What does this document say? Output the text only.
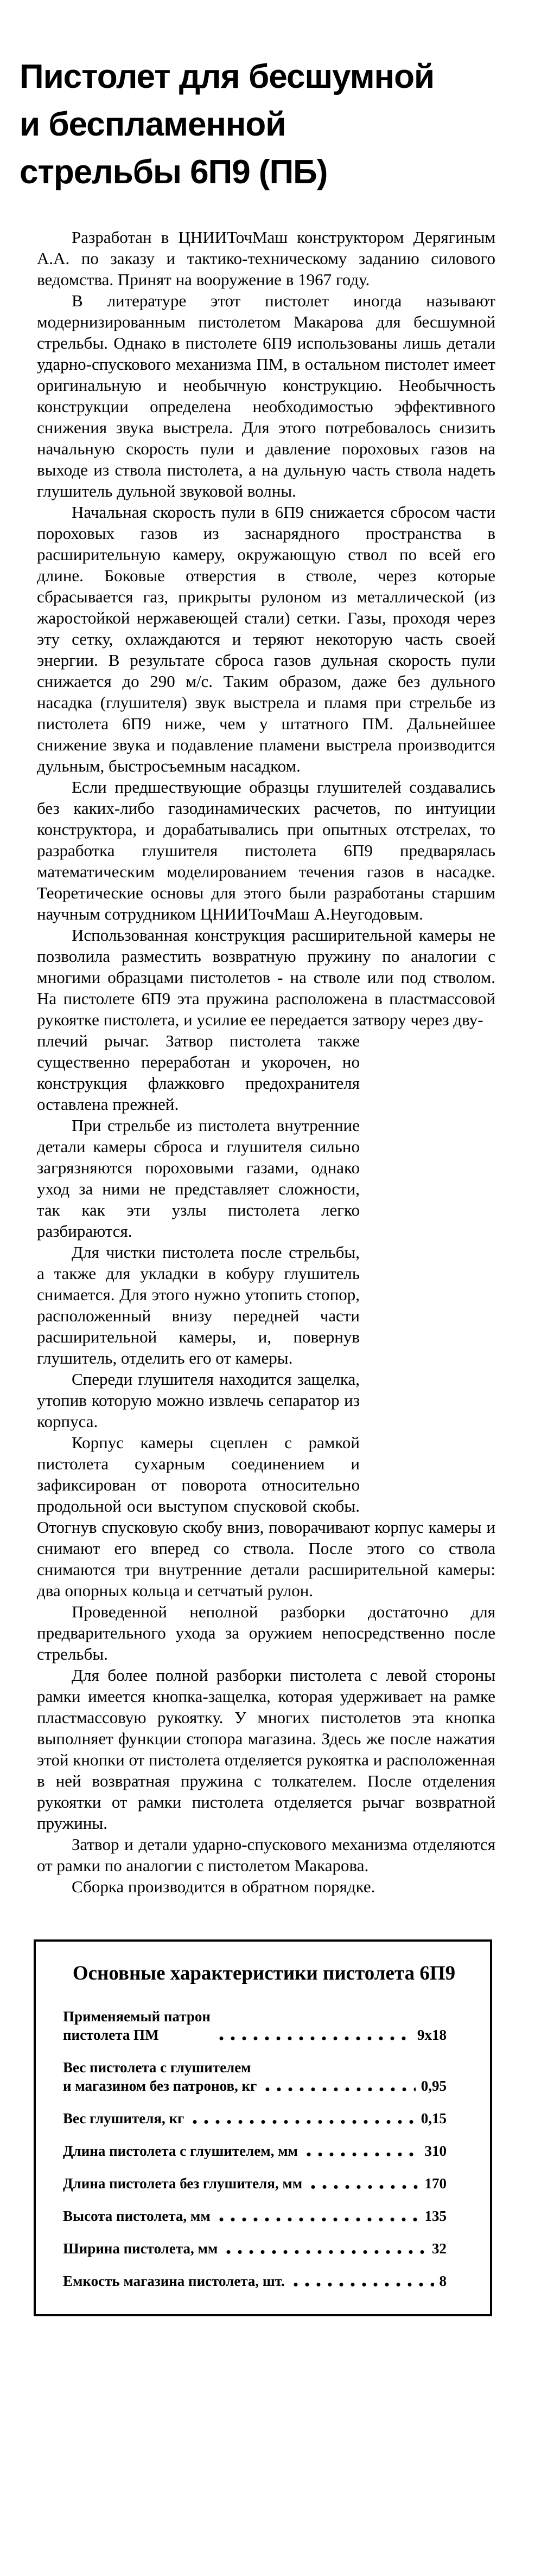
Пистолет для бесшумной
и беспламенной
стрельбы 6П9 (ПБ)

Разработан в ЦНИИТочМаш конструктором Дерягиным А.А. по заказу и тактико-техническому заданию силового ведомства. Принят на вооружение в 1967 году.

В литературе этот пистолет иногда называют модернизированным пистолетом Макарова для бесшумной стрельбы. Однако в пистолете 6П9 использованы лишь детали ударно-спускового механизма ПМ, в остальном пистолет имеет оригинальную и необычную конструкцию. Необычность конструкции определена необходимостью эффективного снижения звука выстрела. Для этого потребовалось снизить начальную скорость пули и давление пороховых газов на выходе из ствола пистолета, а на дульную часть ствола надеть глушитель дульной звуковой волны.

Начальная скорость пули в 6П9 снижается сбросом части пороховых газов из заснарядного пространства в расширительную камеру, окружающую ствол по всей его длине. Боковые отверстия в стволе, через которые сбрасывается газ, прикрыты рулоном из металлической (из жаростойкой нержавеющей стали) сетки. Газы, проходя через эту сетку, охлаждаются и теряют некоторую часть своей энергии. В результате сброса газов дульная скорость пули снижается до 290 м/с. Таким образом, даже без дульного насадка (глушителя) звук выстрела и пламя при стрельбе из пистолета 6П9 ниже, чем у штатного ПМ. Дальнейшее снижение звука и подавление пламени выстрела производится дульным, быстросъемным насадком.

Если предшествующие образцы глушителей создавались без каких-либо газодинамических расчетов, по интуиции конструктора, и дорабатывались при опытных отстрелах, то разработка глушителя пистолета 6П9 предварялась математическим моделированием течения газов в насадке. Теоретические основы для этого были разработаны старшим научным сотрудником ЦНИИТочМаш А.Неугодовым.

Использованная конструкция расширительной камеры не позволила разместить возвратную пружину по аналогии с многими образцами пистолетов - на стволе или под стволом. На пистолете 6П9 эта пружина расположена в пластмассовой рукоятке пистолета, и усилие ее передается затвору через дву-

плечий рычаг. Затвор пистолета также существенно переработан и укорочен, но конструкция флажковго предохранителя оставлена прежней.

При стрельбе из пистолета внутренние детали камеры сброса и глушителя сильно загрязняются пороховыми газами, однако уход за ними не представляет сложности, так как эти узлы пистолета легко разбираются.

Для чистки пистолета после стрельбы, а также для укладки в кобуру глушитель снимается. Для этого нужно утопить стопор, расположенный внизу передней части расширительной камеры, и, повернув глушитель, отделить его от камеры.

Спереди глушителя находится защелка, утопив которую можно извлечь сепаратор из корпуса.

Корпус камеры сцеплен с рамкой пистолета сухарным соединением и зафиксирован от поворота относительно продольной оси выступом спусковой скобы. Отогнув спусковую скобу вниз, поворачивают корпус камеры и снимают его вперед со ствола. После этого со ствола снимаются три внутренние детали расширительной камеры: два опорных кольца и сетчатый рулон.

Проведенной неполной разборки достаточно для предварительного ухода за оружием непосредственно после стрельбы.

Для более полной разборки пистолета с левой стороны рамки имеется кнопка-защелка, которая удерживает на рамке пластмассовую рукоятку. У многих пистолетов эта кнопка выполняет функции стопора магазина. Здесь же после нажатия этой кнопки от пистолета отделяется рукоятка и расположенная в ней возвратная пружина с толкателем. После отделения рукоятки от рамки пистолета отделяется рычаг возвратной пружины.

Затвор и детали ударно-спускового механизма отделяются от рамки по аналогии с пистолетом Макарова.

Сборка производится в обратном порядке.

Основные характеристики пистолета 6П9
Применяемый патрон
пистолета ПМ	9х18
Вес пистолета с глушителем
и магазином без патронов, кг	0,95
Вес глушителя, кг	0,15
Длина пистолета с глушителем, мм	310
Длина пистолета без глушителя, мм	170
Высота пистолета, мм	135
Ширина пистолета, мм	32
Емкость магазина пистолета, шт.	8
